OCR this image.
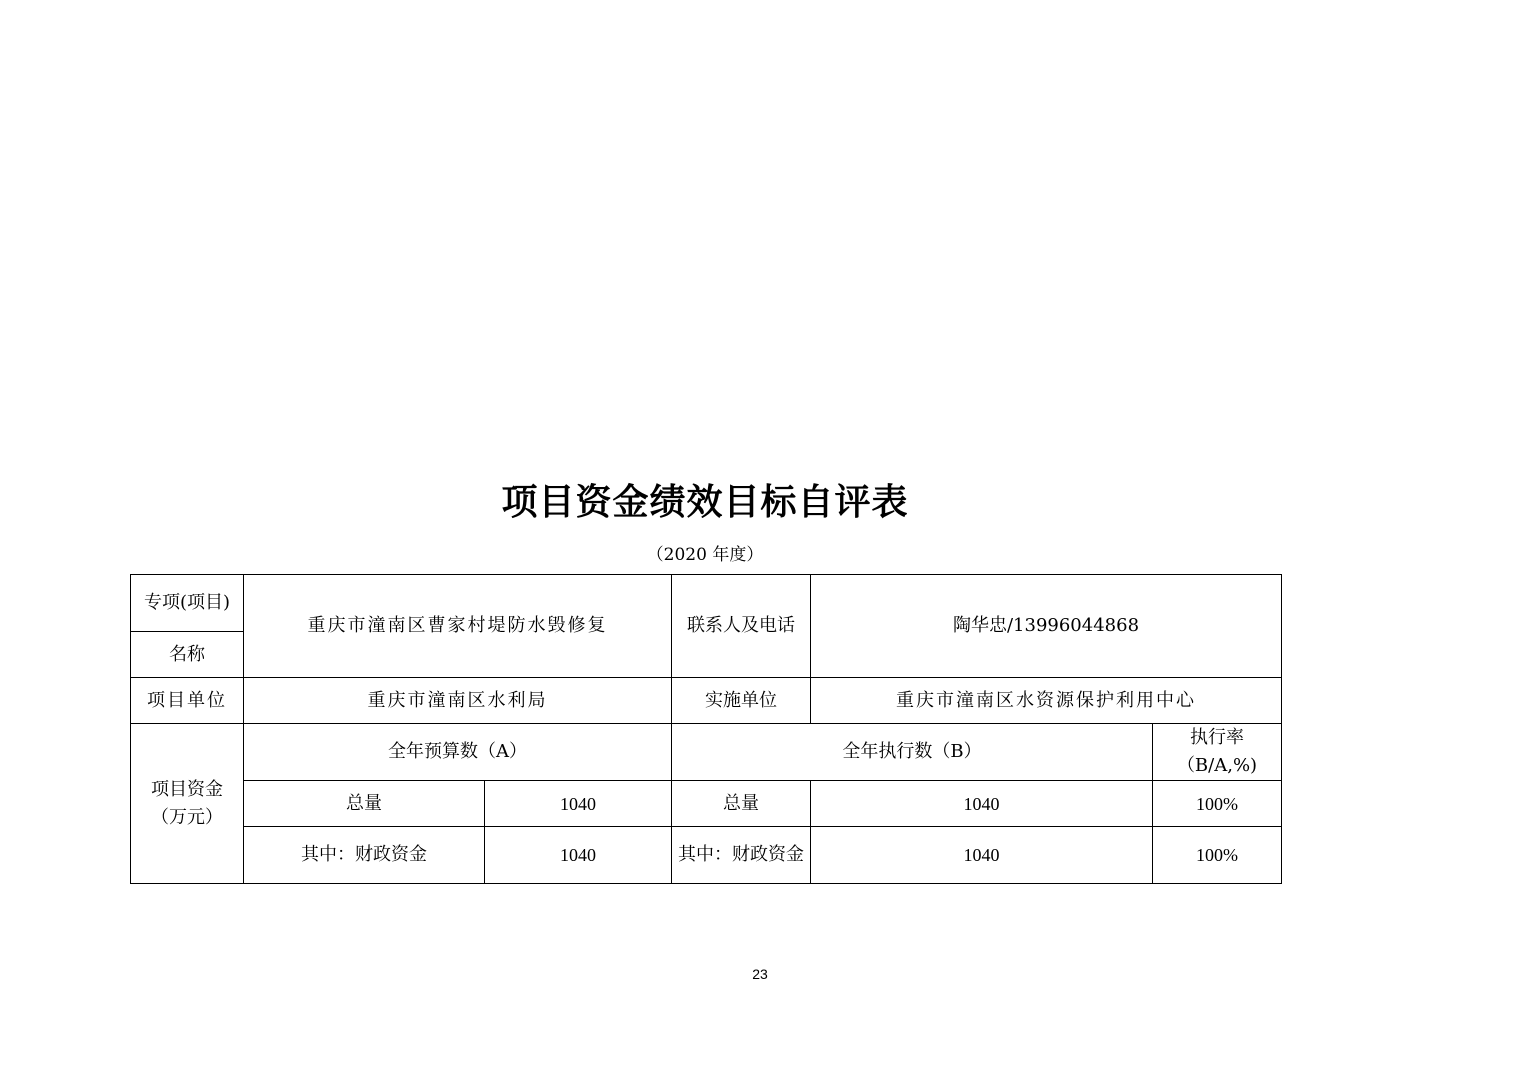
项目资金绩效目标自评表
（2020 年度）
专项(项目)	重庆市潼南区曹家村堤防水毁修复		联系人及电话	陶华忠/13996044868	
名称					
项目单位	重庆市潼南区水利局		实施单位	重庆市潼南区水资源保护利用中心	
项目资金（万元）	全年预算数（A）		全年执行数（B）		执行率（B/A,%)
	总量	1040	总量	1040	100%
	其中：财政资金	1040	其中：财政资金	1040	100%
23
